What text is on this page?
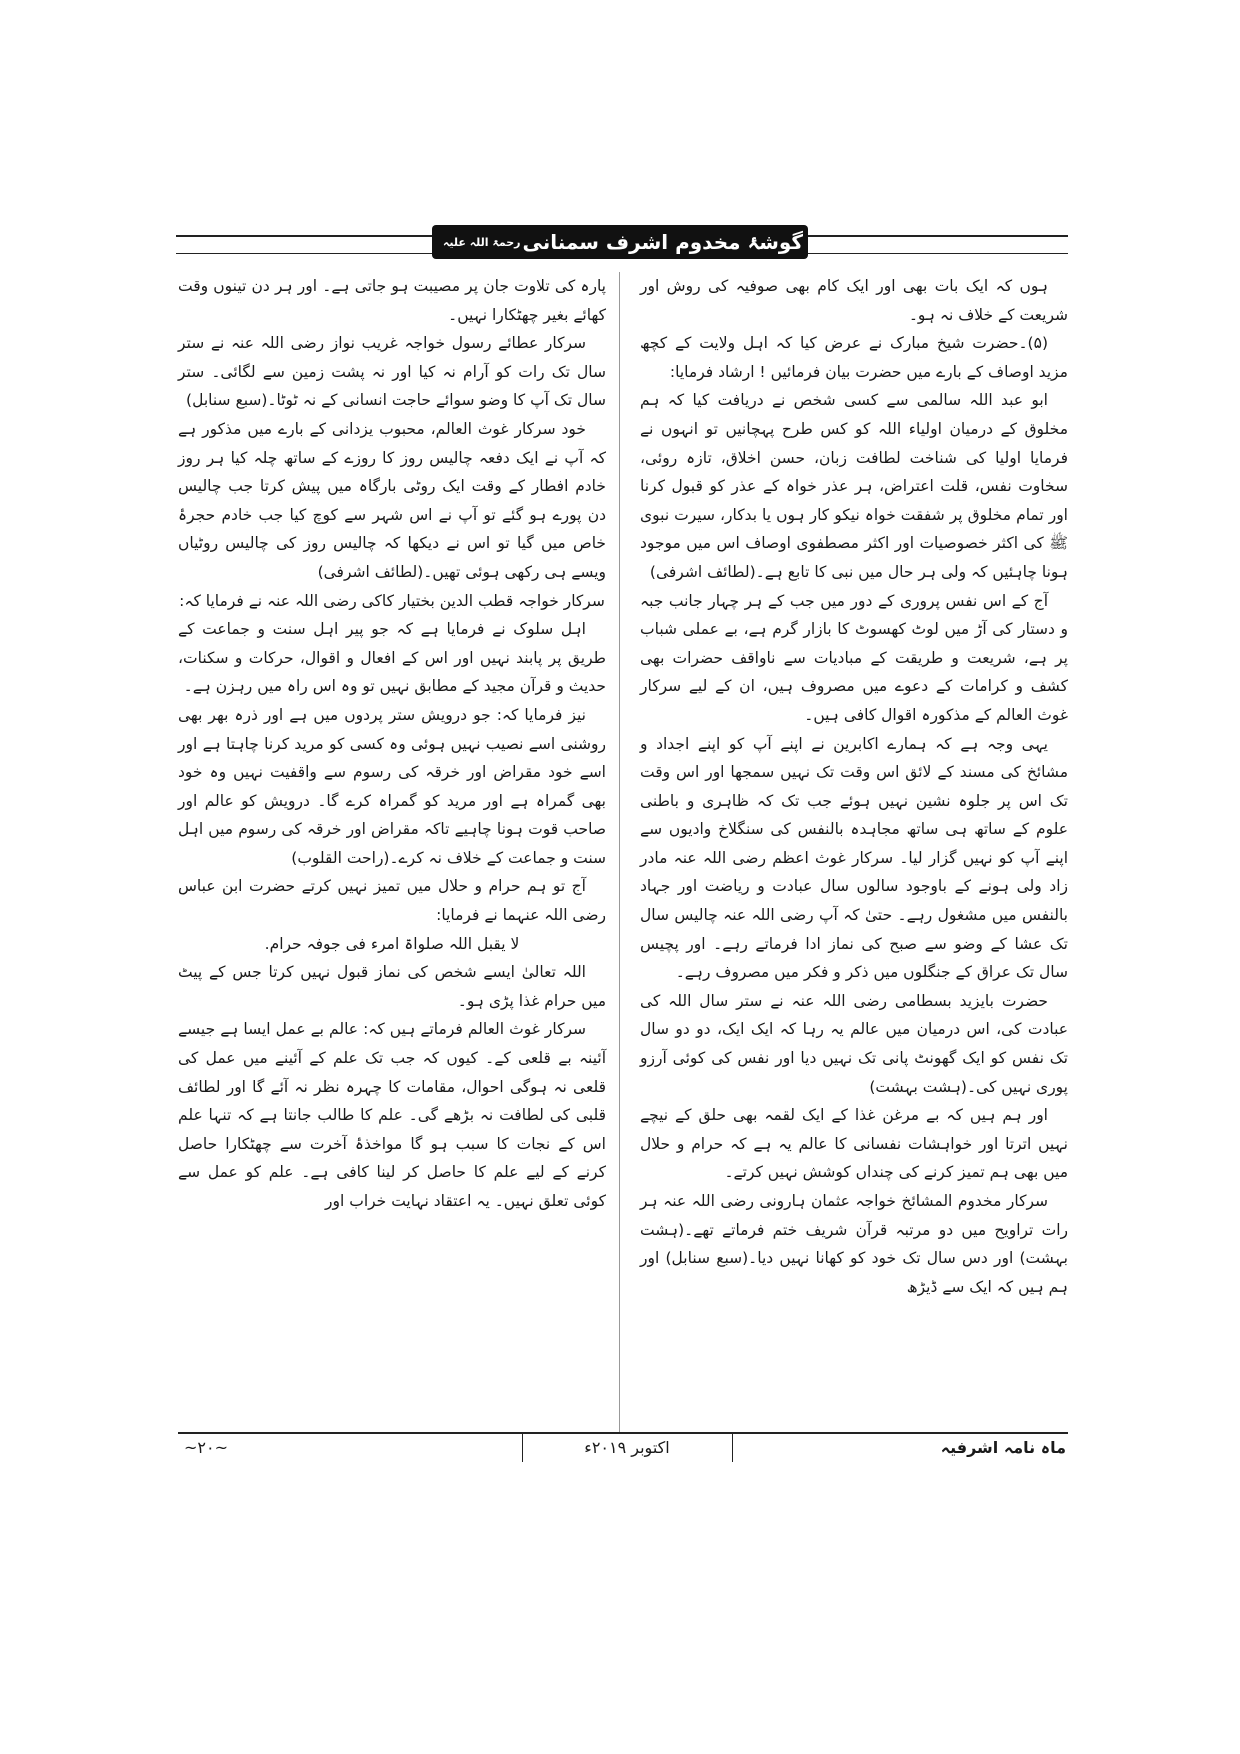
گوشۂ مخدوم اشرف سمنانی
رحمۃ اللہ علیہ

ہوں کہ ایک بات بھی اور ایک کام بھی صوفیہ کی روش اور شریعت کے خلاف نہ ہو۔

(۵)۔حضرت شیخ مبارک نے عرض کیا کہ اہل ولایت کے کچھ مزید اوصاف کے بارے میں حضرت بیان فرمائیں ! ارشاد فرمایا:

ابو عبد اللہ سالمی سے کسی شخص نے دریافت کیا کہ ہم مخلوق کے درمیان اولیاء اللہ کو کس طرح پہچانیں تو انہوں نے فرمایا اولیا کی شناخت لطافت زبان، حسن اخلاق، تازہ روئی، سخاوت نفس، قلت اعتراض، ہر عذر خواہ کے عذر کو قبول کرنا اور تمام مخلوق پر شفقت خواہ نیکو کار ہوں یا بدکار، سیرت نبوی ﷺ کی اکثر خصوصیات اور اکثر مصطفوی اوصاف اس میں موجود ہونا چاہئیں کہ ولی ہر حال میں نبی کا تابع ہے۔(لطائف اشرفی)

آج کے اس نفس پروری کے دور میں جب کے ہر چہار جانب جبہ و دستار کی آڑ میں لوٹ کھسوٹ کا بازار گرم ہے، بے عملی شباب پر ہے، شریعت و طریقت کے مبادیات سے ناواقف حضرات بھی کشف و کرامات کے دعوے میں مصروف ہیں، ان کے لیے سرکار غوث العالم کے مذکورہ اقوال کافی ہیں۔

یہی وجہ ہے کہ ہمارے اکابرین نے اپنے آپ کو اپنے اجداد و مشائخ کی مسند کے لائق اس وقت تک نہیں سمجھا اور اس وقت تک اس پر جلوہ نشین نہیں ہوئے جب تک کہ ظاہری و باطنی علوم کے ساتھ ہی ساتھ مجاہدہ بالنفس کی سنگلاخ وادیوں سے اپنے آپ کو نہیں گزار لیا۔ سرکار غوث اعظم رضی اللہ عنہ مادر زاد ولی ہونے کے باوجود سالوں سال عبادت و ریاضت اور جہاد بالنفس میں مشغول رہے۔ حتیٰ کہ آپ رضی اللہ عنہ چالیس سال تک عشا کے وضو سے صبح کی نماز ادا فرماتے رہے۔ اور پچیس سال تک عراق کے جنگلوں میں ذکر و فکر میں مصروف رہے۔

حضرت بایزید بسطامی رضی اللہ عنہ نے ستر سال اللہ کی عبادت کی، اس درمیان میں عالم یہ رہا کہ ایک ایک، دو دو سال تک نفس کو ایک گھونٹ پانی تک نہیں دیا اور نفس کی کوئی آرزو پوری نہیں کی۔(ہشت بہشت)

اور ہم ہیں کہ بے مرغن غذا کے ایک لقمہ بھی حلق کے نیچے نہیں اترتا اور خواہشات نفسانی کا عالم یہ ہے کہ حرام و حلال میں بھی ہم تمیز کرنے کی چنداں کوشش نہیں کرتے۔

سرکار مخدوم المشائخ خواجہ عثمان ہارونی رضی اللہ عنہ ہر رات تراویح میں دو مرتبہ قرآن شریف ختم فرماتے تھے۔(ہشت بہشت) اور دس سال تک خود کو کھانا نہیں دیا۔(سبع سنابل) اور ہم ہیں کہ ایک سے ڈیڑھ

پارہ کی تلاوت جان پر مصیبت ہو جاتی ہے۔ اور ہر دن تینوں وقت کھائے بغیر چھٹکارا نہیں۔

سرکار عطائے رسول خواجہ غریب نواز رضی اللہ عنہ نے ستر سال تک رات کو آرام نہ کیا اور نہ پشت زمین سے لگائی۔ ستر سال تک آپ کا وضو سوائے حاجت انسانی کے نہ ٹوٹا۔(سبع سنابل)

خود سرکار غوث العالم، محبوب یزدانی کے بارے میں مذکور ہے کہ آپ نے ایک دفعہ چالیس روز کا روزے کے ساتھ چلہ کیا ہر روز خادم افطار کے وقت ایک روٹی بارگاہ میں پیش کرتا جب چالیس دن پورے ہو گئے تو آپ نے اس شہر سے کوچ کیا جب خادم حجرۂ خاص میں گیا تو اس نے دیکھا کہ چالیس روز کی چالیس روٹیاں ویسے ہی رکھی ہوئی تھیں۔(لطائف اشرفی)

سرکار خواجہ قطب الدین بختیار کاکی رضی اللہ عنہ نے فرمایا کہ:

اہل سلوک نے فرمایا ہے کہ جو پیر اہل سنت و جماعت کے طریق پر پابند نہیں اور اس کے افعال و اقوال، حرکات و سکنات، حدیث و قرآن مجید کے مطابق نہیں تو وہ اس راہ میں رہزن ہے۔

نیز فرمایا کہ: جو درویش ستر پردوں میں ہے اور ذرہ بھر بھی روشنی اسے نصیب نہیں ہوئی وہ کسی کو مرید کرنا چاہتا ہے اور اسے خود مقراض اور خرقہ کی رسوم سے واقفیت نہیں وہ خود بھی گمراہ ہے اور مرید کو گمراہ کرے گا۔ درویش کو عالم اور صاحب قوت ہونا چاہیے تاکہ مقراض اور خرقہ کی رسوم میں اہل سنت و جماعت کے خلاف نہ کرے۔(راحت القلوب)

آج تو ہم حرام و حلال میں تمیز نہیں کرتے حضرت ابن عباس رضی اللہ عنہما نے فرمایا:

لا یقبل اللہ صلواۃ امرء فی جوفہ حرام.

اللہ تعالیٰ ایسے شخص کی نماز قبول نہیں کرتا جس کے پیٹ میں حرام غذا پڑی ہو۔

سرکار غوث العالم فرماتے ہیں کہ: عالم بے عمل ایسا ہے جیسے آئینہ بے قلعی کے۔ کیوں کہ جب تک علم کے آئینے میں عمل کی قلعی نہ ہوگی احوال، مقامات کا چہرہ نظر نہ آئے گا اور لطائف قلبی کی لطافت نہ بڑھے گی۔ علم کا طالب جانتا ہے کہ تنہا علم اس کے نجات کا سبب ہو گا مواخذۂ آخرت سے چھٹکارا حاصل کرنے کے لیے علم کا حاصل کر لینا کافی ہے۔ علم کو عمل سے کوئی تعلق نہیں۔ یہ اعتقاد نہایت خراب اور

ماہ نامہ اشرفیہ
اکتوبر ۲۰۱۹ء
~۲۰~
